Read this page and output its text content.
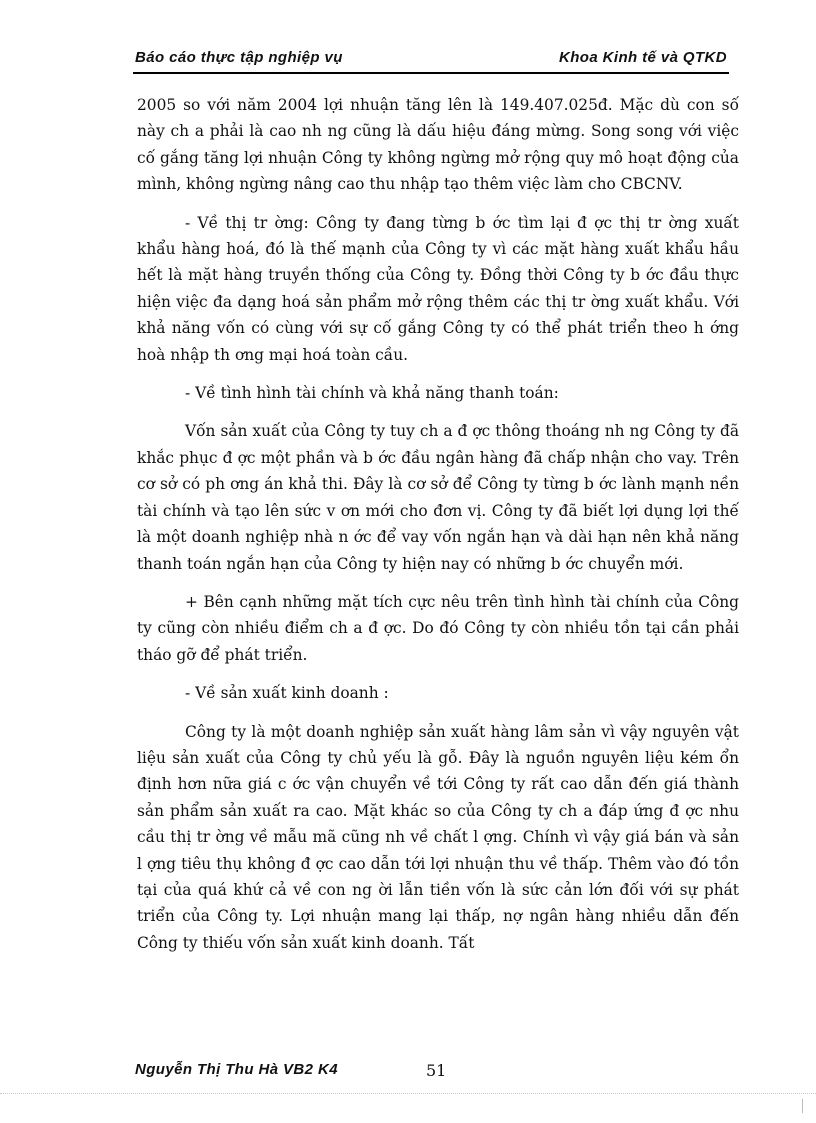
Báo cáo thực tập nghiệp vụ	Khoa Kinh tế và QTKD

2005 so với năm 2004 lợi nhuận tăng lên là 149.407.025đ. Mặc dù con số này ch a phải là cao nh ng cũng là dấu hiệu đáng mừng. Song song với việc cố gắng tăng lợi nhuận Công ty không ngừng mở rộng quy mô hoạt động của mình, không ngừng nâng cao thu nhập tạo thêm việc làm cho CBCNV.

- Về thị tr ờng: Công ty đang từng b ớc tìm lại đ ợc thị tr ờng xuất khẩu hàng hoá, đó là thế mạnh của Công ty vì các mặt hàng xuất khẩu hầu hết là mặt hàng truyền thống của Công ty. Đồng thời Công ty b ớc đầu thực hiện việc đa dạng hoá sản phẩm mở rộng thêm các thị tr ờng xuất khẩu. Với khả năng vốn có cùng với sự cố gắng Công ty có thể phát triển theo h ớng hoà nhập th ơng mại hoá toàn cầu.

- Về tình hình tài chính và khả năng thanh toán:

Vốn sản xuất của Công ty tuy ch a đ ợc thông thoáng nh ng Công ty đã khắc phục đ ợc một phần và b ớc đầu ngân hàng đã chấp nhận cho vay. Trên cơ sở có ph ơng án khả thi. Đây là cơ sở để Công ty từng b ớc lành mạnh nền tài chính và tạo lên sức v ơn mới cho đơn vị. Công ty đã biết lợi dụng lợi thế là một doanh nghiệp nhà n ớc để vay vốn ngắn hạn và dài hạn nên khả năng thanh toán ngắn hạn của Công ty hiện nay có những b ớc chuyển mới.

+ Bên cạnh những mặt tích cực nêu trên tình hình tài chính của Công ty cũng còn nhiều điểm ch a đ ợc. Do đó Công ty còn nhiều tồn tại cần phải tháo gỡ để phát triển.

- Về sản xuất kinh doanh :

Công ty là một doanh nghiệp sản xuất hàng lâm sản vì vậy nguyên vật liệu sản xuất của Công ty chủ yếu là gỗ. Đây là nguồn nguyên liệu kém ổn định hơn nữa giá c ớc vận chuyển về tới Công ty rất cao dẫn đến giá thành sản phẩm sản xuất ra cao. Mặt khác so của Công ty ch a đáp ứng đ ợc nhu cầu thị tr ờng về mẫu mã cũng nh về chất l ợng. Chính vì vậy giá bán và sản l ợng tiêu thụ không đ ợc cao dẫn tới lợi nhuận thu về thấp. Thêm vào đó tồn tại của quá khứ cả về con ng ời lẫn tiền vốn là sức cản lớn đối với sự phát triển của Công ty. Lợi nhuận mang lại thấp, nợ ngân hàng nhiều dẫn đến Công ty thiếu vốn sản xuất kinh doanh. Tất

Nguyễn Thị Thu Hà VB2 K4	51
